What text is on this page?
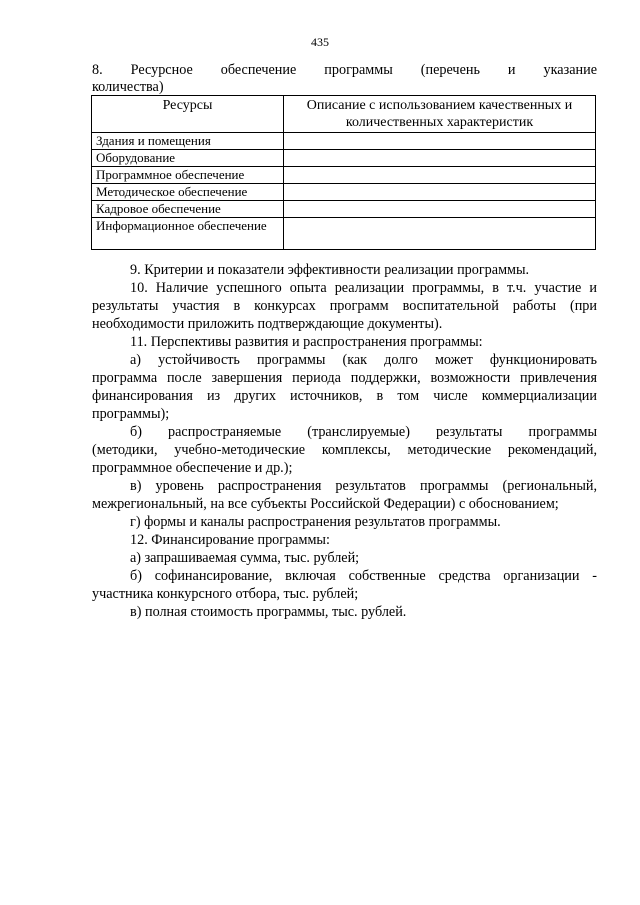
435
8. Ресурсное обеспечение программы (перечень и указание
количества)
Ресурсы	Описание с использованием качественных и количественных характеристик
Здания и помещения	
Оборудование	
Программное обеспечение	
Методическое обеспечение	
Кадровое обеспечение	
Информационное обеспечение	
9. Критерии и показатели эффективности реализации программы.
10. Наличие успешного опыта реализации программы, в т.ч. участие и
результаты участия в конкурсах программ воспитательной работы (при
необходимости приложить подтверждающие документы).
11. Перспективы развития и распространения программы:
а) устойчивость программы (как долго может функционировать
программа после завершения периода поддержки, возможности привлечения
финансирования из других источников, в том числе коммерциализации
программы);
б) распространяемые (транслируемые) результаты программы
(методики, учебно-методические комплексы, методические рекомендаций,
программное обеспечение и др.);
в) уровень распространения результатов программы (региональный,
межрегиональный, на все субъекты Российской Федерации) с обоснованием;
г) формы и каналы распространения результатов программы.
12. Финансирование программы:
а) запрашиваемая сумма, тыс. рублей;
б) софинансирование, включая собственные средства организации -
участника конкурсного отбора, тыс. рублей;
в) полная стоимость программы, тыс. рублей.
